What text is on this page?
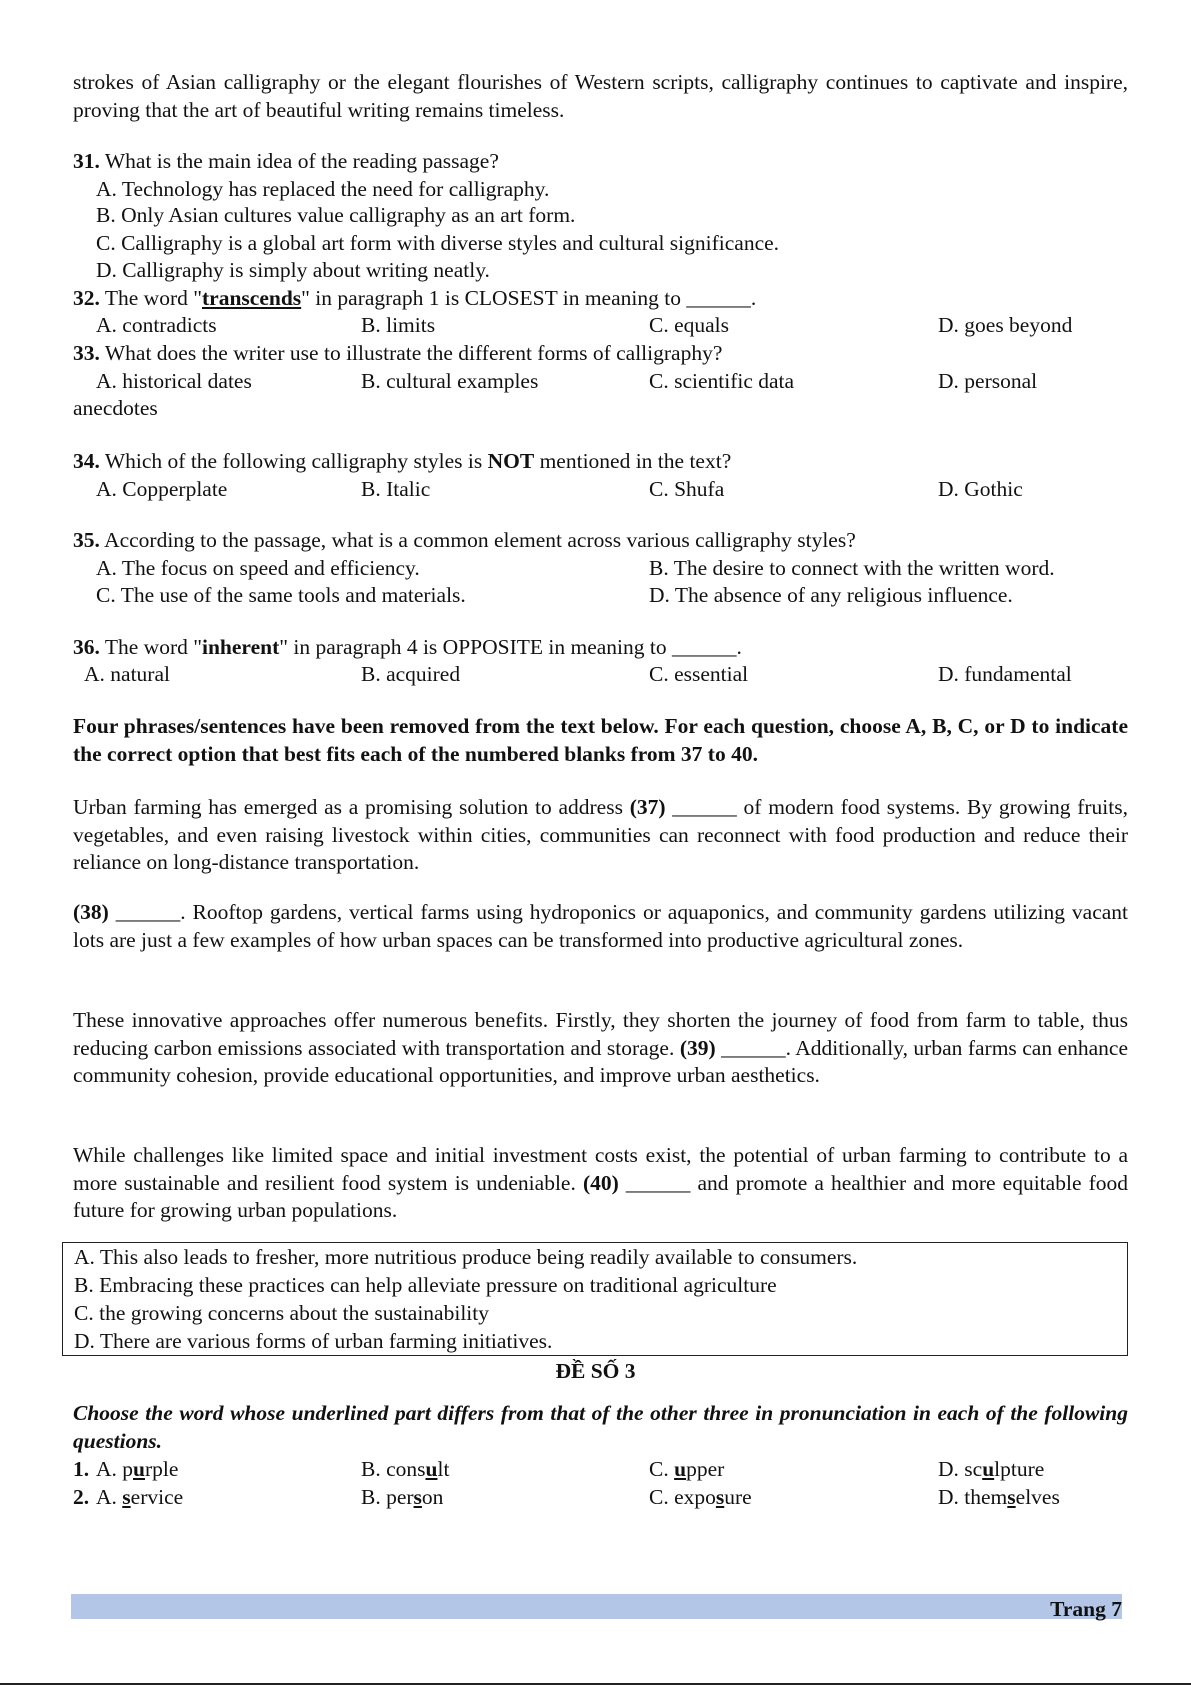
strokes of Asian calligraphy or the elegant flourishes of Western scripts, calligraphy continues to captivate and inspire, proving that the art of beautiful writing remains timeless.
31. What is the main idea of the reading passage?
A. Technology has replaced the need for calligraphy.
B. Only Asian cultures value calligraphy as an art form.
C. Calligraphy is a global art form with diverse styles and cultural significance.
D. Calligraphy is simply about writing neatly.
32. The word "transcends" in paragraph 1 is CLOSEST in meaning to ______.
A. contradicts	B. limits	C. equals	D. goes beyond
33. What does the writer use to illustrate the different forms of calligraphy?
A. historical dates	B. cultural examples	C. scientific data	D. personal
anecdotes
34. Which of the following calligraphy styles is NOT mentioned in the text?
A. Copperplate	B. Italic	C. Shufa	D. Gothic
35. According to the passage, what is a common element across various calligraphy styles?
A. The focus on speed and efficiency.	B. The desire to connect with the written word.
C. The use of the same tools and materials.	D. The absence of any religious influence.
36. The word "inherent" in paragraph 4 is OPPOSITE in meaning to ______.
A. natural	B. acquired	C. essential	D. fundamental
Four phrases/sentences have been removed from the text below. For each question, choose A, B, C, or D to indicate the correct option that best fits each of the numbered blanks from 37 to 40.
Urban farming has emerged as a promising solution to address (37) ______ of modern food systems. By growing fruits, vegetables, and even raising livestock within cities, communities can reconnect with food production and reduce their reliance on long-distance transportation.
(38) ______. Rooftop gardens, vertical farms using hydroponics or aquaponics, and community gardens utilizing vacant lots are just a few examples of how urban spaces can be transformed into productive agricultural zones.
These innovative approaches offer numerous benefits. Firstly, they shorten the journey of food from farm to table, thus reducing carbon emissions associated with transportation and storage. (39) ______. Additionally, urban farms can enhance community cohesion, provide educational opportunities, and improve urban aesthetics.
While challenges like limited space and initial investment costs exist, the potential of urban farming to contribute to a more sustainable and resilient food system is undeniable. (40) ______ and promote a healthier and more equitable food future for growing urban populations.
A. This also leads to fresher, more nutritious produce being readily available to consumers.
B. Embracing these practices can help alleviate pressure on traditional agriculture
C. the growing concerns about the sustainability
D. There are various forms of urban farming initiatives.
ĐỀ SỐ 3
Choose the word whose underlined part differs from that of the other three in pronunciation in each of the following questions.
1. A. purple	B. consult	C. upper	D. sculpture
2. A. service	B. person	C. exposure	D. themselves
Trang 7
